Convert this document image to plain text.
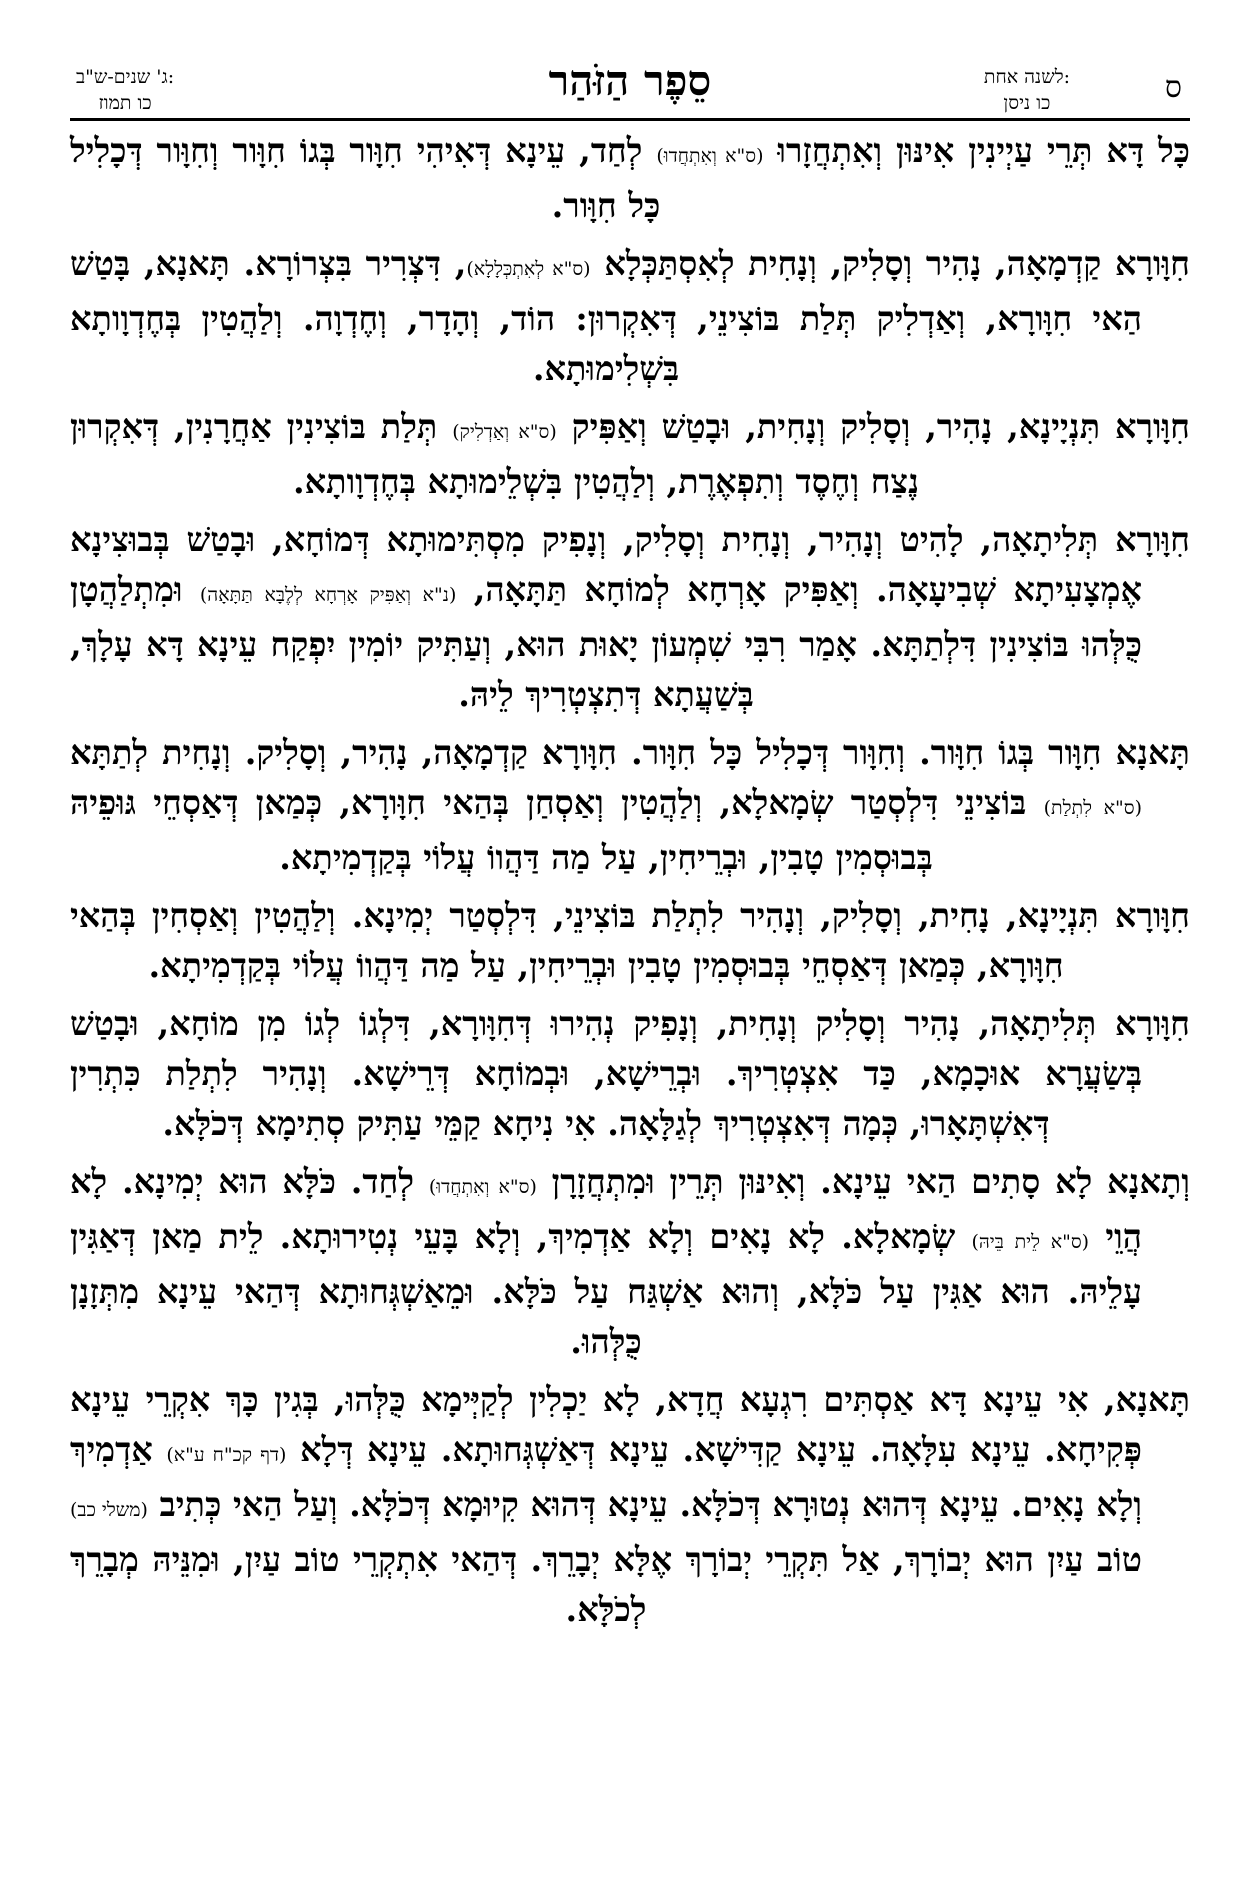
ס
לשנה אחת:
כו ניסן
סֵפֶר הַזֹּהַר
ג' שנים-ש"ב:
כו תמוז

כָּל דָּא תְּרֵי עַיְינִין אִינּוּן וְאִתְחֲזָרוּ (ס"א וְאִתְחֲדוּ) לְחַד, עֵינָא דְּאִיהִי חִוָּור בְּגוֹ חִוָּור וְחִוָּור דְּכָלִיל כָּל חִוָּור.

חִוָּורָא קַדְמָאָה, נָהִיר וְסָלִיק, וְנָחִית לְאִסְתַּכְּלָא (ס"א לְאִתְכְּלָלָא), דִּצְרִיר בִּצְרוֹרָא. תָּאנָא, בָּטַשׁ הַאי חִוָּורָא, וְאַדְלִיק תְּלַת בּוֹצִינֵי, דְּאִקְרוּן: הוֹד, וְהָדָר, וְחֶדְוָה. וְלַהֲטִין בְּחֶדְוָותָא בִּשְׁלִימוּתָא.

חִוָּורָא תִּנְיָינָא, נָהִיר, וְסָלִיק וְנָחִית, וּבָטַשׁ וְאַפִּיק (ס"א וְאַדְלִיק) תְּלַת בּוֹצִינִין אַחֲרָנִין, דְּאִקְרוּן נֶצַח וְחֶסֶד וְתִפְאֶרֶת, וְלַהֲטִין בִּשְׁלֵימוּתָא בְּחֶדְוָותָא.

חִוָּורָא תְּלִיתָאָה, לָהִיט וְנָהִיר, וְנָחִית וְסָלִיק, וְנָפִיק מִסְתִּימוּתָא דְּמוֹחָא, וּבָטַשׁ בְּבוּצִינָא אֶמְצָעִיתָא שְׁבִיעָאָה. וְאַפִּיק אָרְחָא לְמוֹחָא תַּתָּאָה, (נ"א וְאַפִּיק אָרְחָא לְלֶבָּא תַּתָּאָה) וּמִתְלַהֲטָן כֻּלְּהוּ בּוֹצִינִין דִּלְתַתָּא. אָמַר רִבִּי שִׁמְעוֹן יָאוּת הוּא, וְעַתִּיק יוֹמִין יִפְקַח עֵינָא דָּא עָלָךְ, בְּשַׁעֲתָא דְּתִצְטְרִיךְ לֵיהּ.

תָּאנָא חִוָּור בְּגוֹ חִוָּור. וְחִוָּור דְּכָלִיל כָּל חִוָּור. חִוָּורָא קַדְמָאָה, נָהִיר, וְסָלִיק. וְנָחִית לְתַתָּא (ס"א לִתְלַת) בּוֹצִינֵי דִּלְסְטַר שְׂמָאלָא, וְלַהֲטִין וְאַסְחַן בְּהַאי חִוָּורָא, כְּמַאן דְּאַסְחֵי גּוּפֵיהּ בְּבוּסְמִין טָבִין, וּבְרֵיחִין, עַל מַה דַּהֲווֹ עֲלוֹי בְּקַדְמִיתָא.

חִוָּורָא תִּנְיָינָא, נָחִית, וְסָלִיק, וְנָהִיר לִתְלַת בּוֹצִינֵי, דִּלְסְטַר יְמִינָא. וְלַהֲטִין וְאַסְחִין בְּהַאי חִוָּורָא, כְּמַאן דְּאַסְחֵי בְּבוּסְמִין טָבִין וּבְרֵיחִין, עַל מַה דַּהֲווֹ עֲלוֹי בְּקַדְמִיתָא.

חִוָּורָא תְּלִיתָאָה, נָהִיר וְסָלִיק וְנָחִית, וְנָפִיק נְהִירוּ דְּחִוָּורָא, דִּלְגוֹ לְגוֹ מִן מוֹחָא, וּבָטַשׁ בְּשַׂעֲרָא אוּכָמָא, כַּד אִצְטְרִיךְ. וּבְרֵישָׁא, וּבְמוֹחָא דְּרֵישָׁא. וְנָהִיר לִתְלַת כִּתְרִין דְּאִשְׁתָּאָרוּ, כְּמָה דְּאִצְטְרִיךְ לְגַלָּאָה. אִי נִיחָא קַמֵּי עַתִּיק סְתִימָא דְּכֹלָּא.

וְתָאנָא לָא סָתִים הַאי עֵינָא. וְאִינּוּן תְּרֵין וּמִתְחֲזָרָן (ס"א וְאִתְחֲדוּ) לְחַד. כֹּלָּא הוּא יְמִינָא. לָא הֲוֵי (ס"א לֵית בֵּיהּ) שְׂמָאלָא. לָא נָאִים וְלָא אַדְמִיךְ, וְלָא בָּעֵי נְטִירוּתָא. לֵית מַאן דְּאַגִּין עָלֵיהּ. הוּא אַגִּין עַל כֹּלָּא, וְהוּא אַשְׁגַּח עַל כֹּלָּא. וּמֵאַשְׁגְּחוּתָא דְּהַאי עֵינָא מִתְּזָנָן כֻּלְּהוּ.

תָּאנָא, אִי עֵינָא דָּא אַסְתִּים רִגְעָא חֲדָא, לָא יַכְלִין לְקַיְּימָא כֻּלְּהוּ, בְּגִין כָּךְ אִקְרֵי עֵינָא פְּקִיחָא. עֵינָא עִלָּאָה. עֵינָא קַדִּישָׁא. עֵינָא דְּאַשְׁגְּחוּתָא. עֵינָא דְּלָא (דף קכ"ח ע"א) אַדְמִיךְ וְלָא נָאִים. עֵינָא דְּהוּא נְטוּרָא דְּכֹלָּא. עֵינָא דְּהוּא קִיוּמָא דְּכֹלָּא. וְעַל הַאי כְּתִיב (משלי כב) טוֹב עַיִן הוּא יְבוֹרָךְ, אַל תִּקְרֵי יְבוֹרָךְ אֶלָּא יְבָרֵךְ. דְּהַאי אִתְקְרֵי טוֹב עַיִן, וּמִנֵּיהּ מְבָרֵךְ לְכֹלָּא.
